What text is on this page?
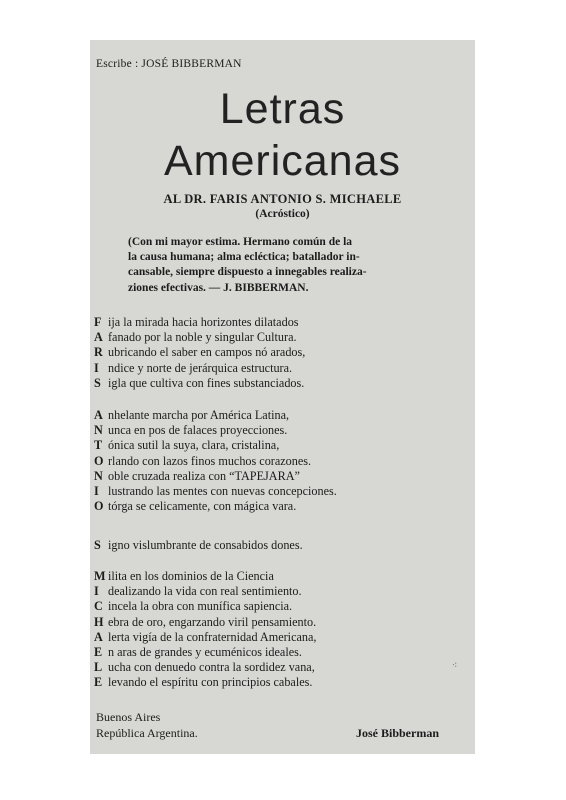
Escribe : JOSÉ BIBBERMAN
Letras
Americanas
AL DR. FARIS ANTONIO S. MICHAELE
(Acróstico)

(Con mi mayor estima. Hermano común de la

la causa humana; alma ecléctica; batallador in-

cansable, siempre dispuesto a innegables realiza-

ziones efectivas. — J. BIBBERMAN.

F ija la mirada hacia horizontes dilatados
A fanado por la noble y singular Cultura.
R ubricando el saber en campos nó arados,
I ndice y norte de jerárquica estructura.
S igla que cultiva con fines substanciados.
A nhelante marcha por América Latina,
N unca en pos de falaces proyecciones.
T ónica sutil la suya, clara, cristalina,
O rlando con lazos finos muchos corazones.
N oble cruzada realiza con “TAPEJARA”
I lustrando las mentes con nuevas concepciones.
O tórga se celicamente, con mágica vara.
S igno vislumbrante de consabidos dones.
M ilita en los dominios de la Ciencia
I dealizando la vida con real sentimiento.
C incela la obra con munífica sapiencia.
H ebra de oro, engarzando viril pensamiento.
A lerta vigía de la confraternidad Americana,
E n aras de grandes y ecuménicos ideales.
L ucha con denuedo contra la sordidez vana,
E levando el espíritu con principios cabales.
⁖
Buenos Aires
República Argentina.	José Bibberman
